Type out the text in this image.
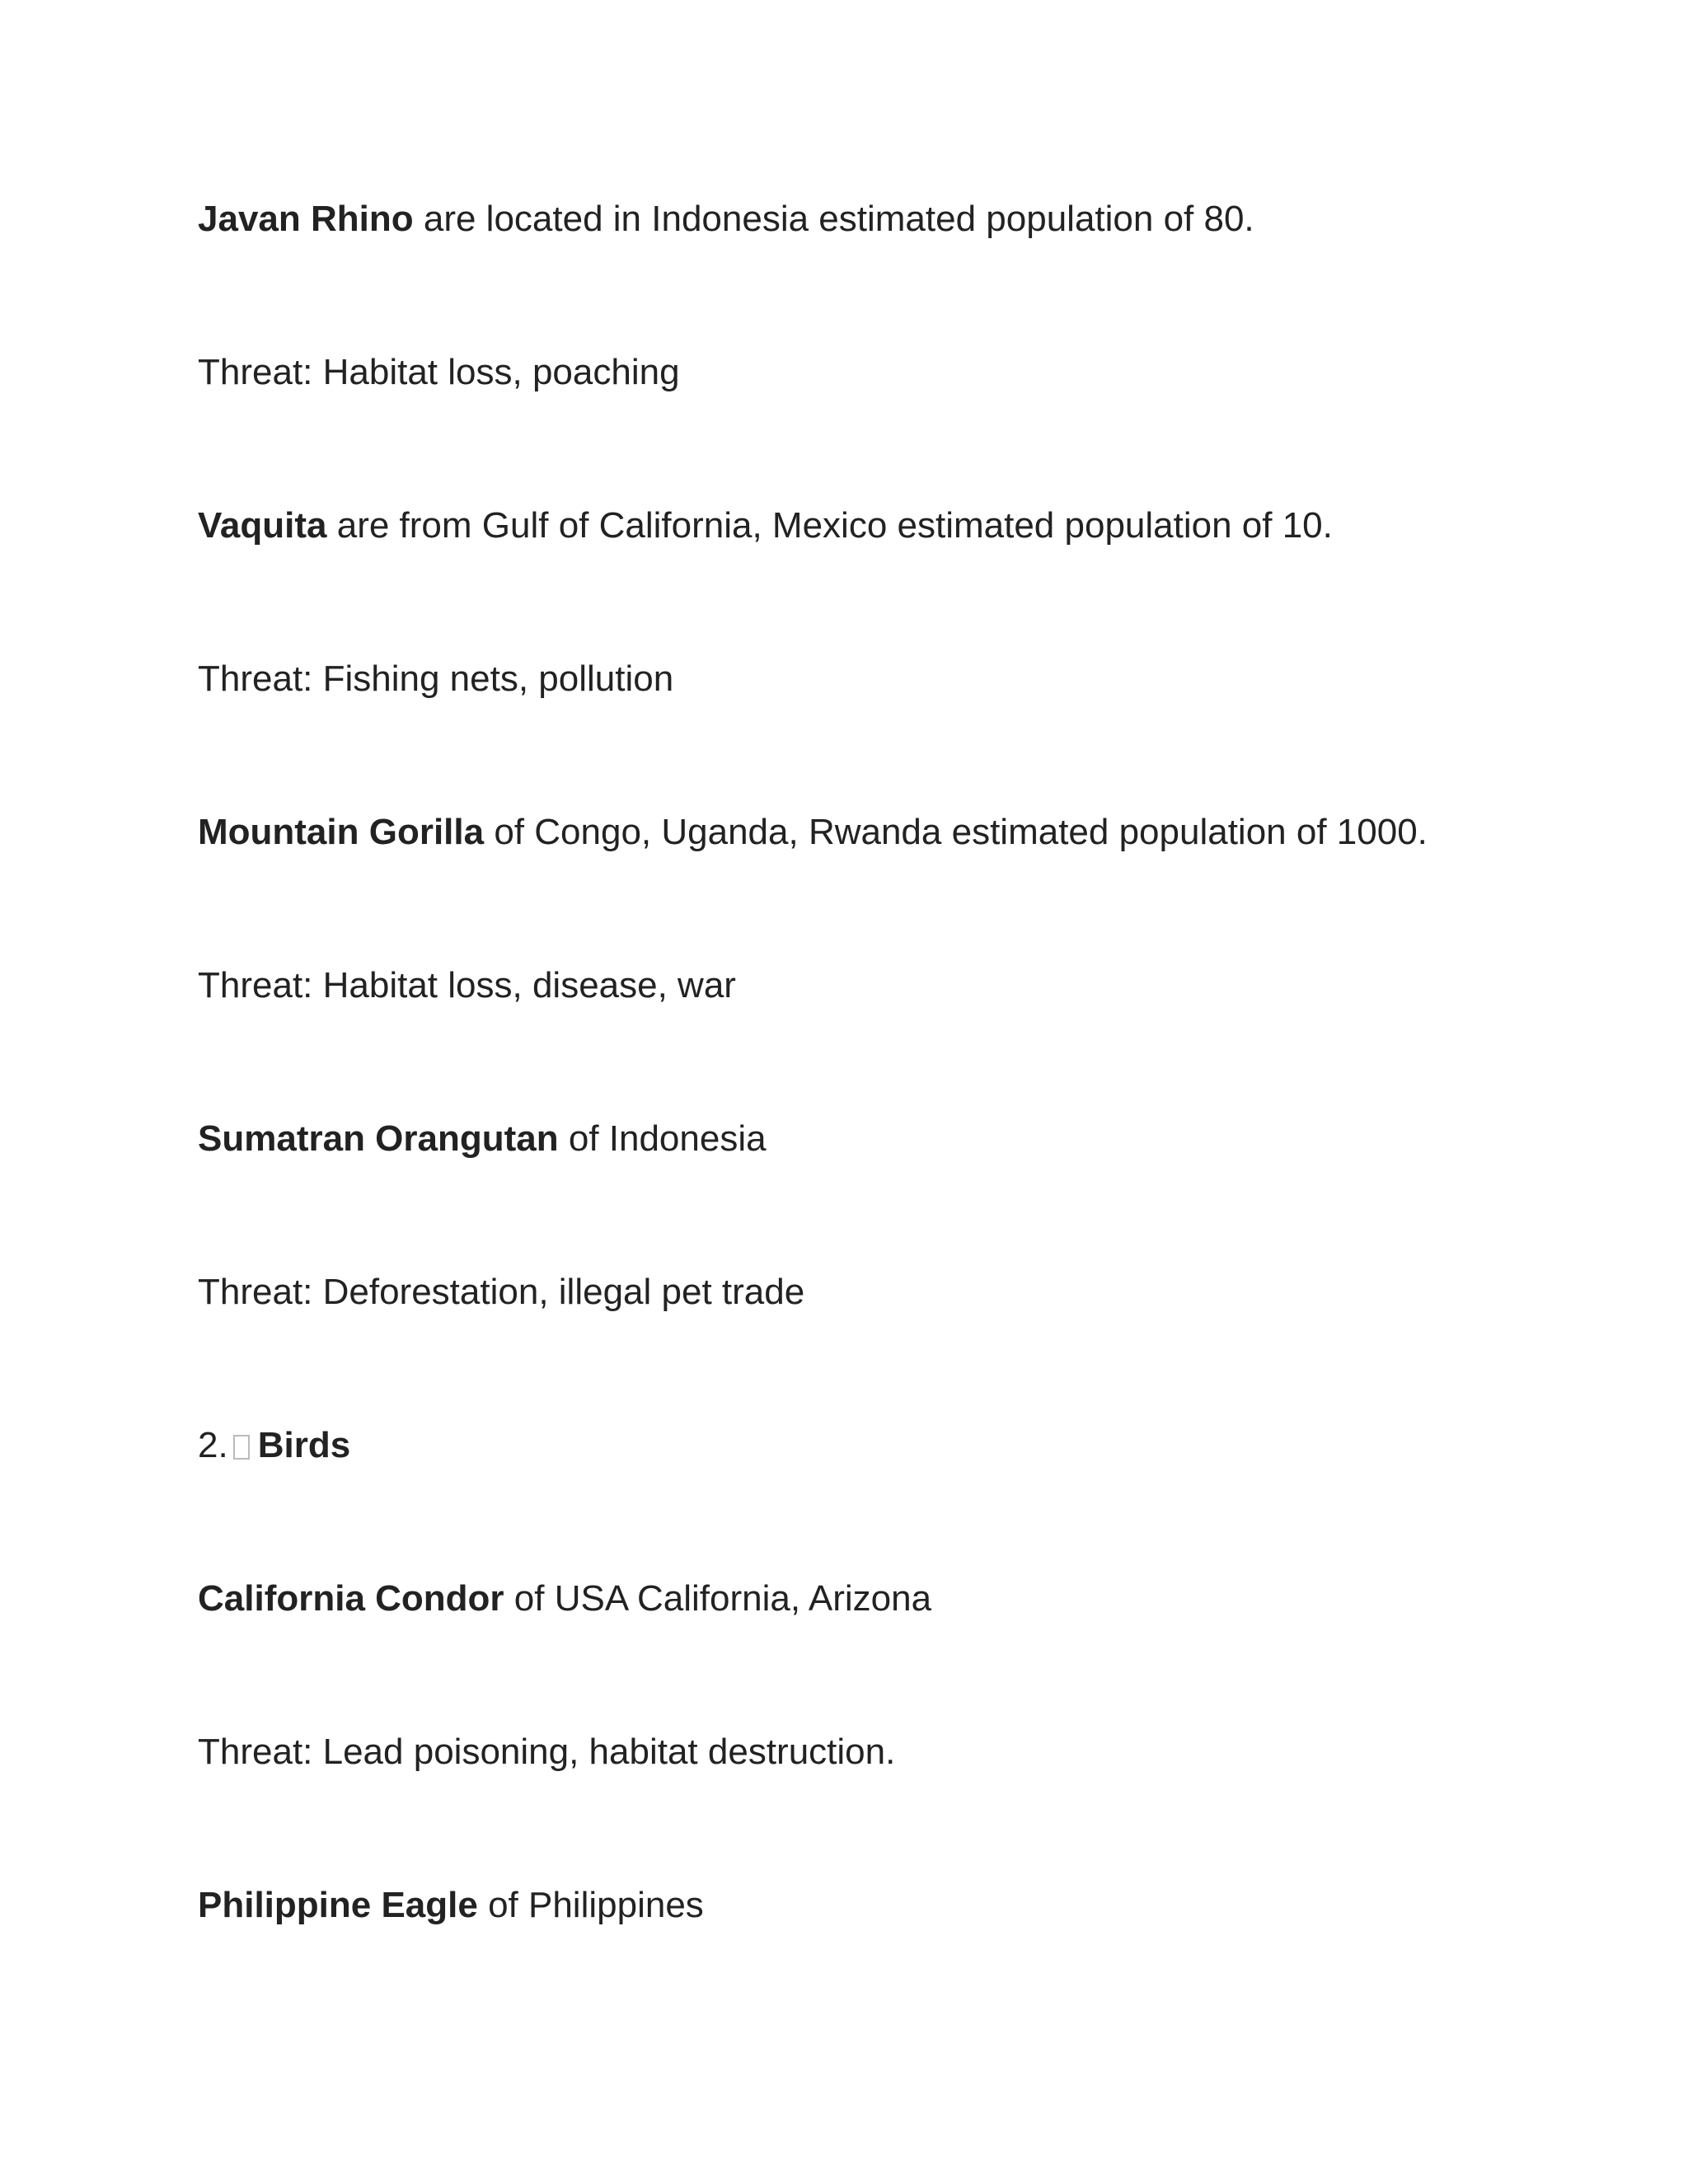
Javan Rhino are located in Indonesia estimated population of 80.
Threat: Habitat loss, poaching
Vaquita are from Gulf of California, Mexico estimated population of 10.
Threat: Fishing nets, pollution
Mountain Gorilla of Congo, Uganda, Rwanda estimated population of 1000.
Threat: Habitat loss, disease, war
Sumatran Orangutan of Indonesia
Threat: Deforestation, illegal pet trade
2. Birds
California Condor of USA California, Arizona
Threat: Lead poisoning, habitat destruction.
Philippine Eagle of Philippines
